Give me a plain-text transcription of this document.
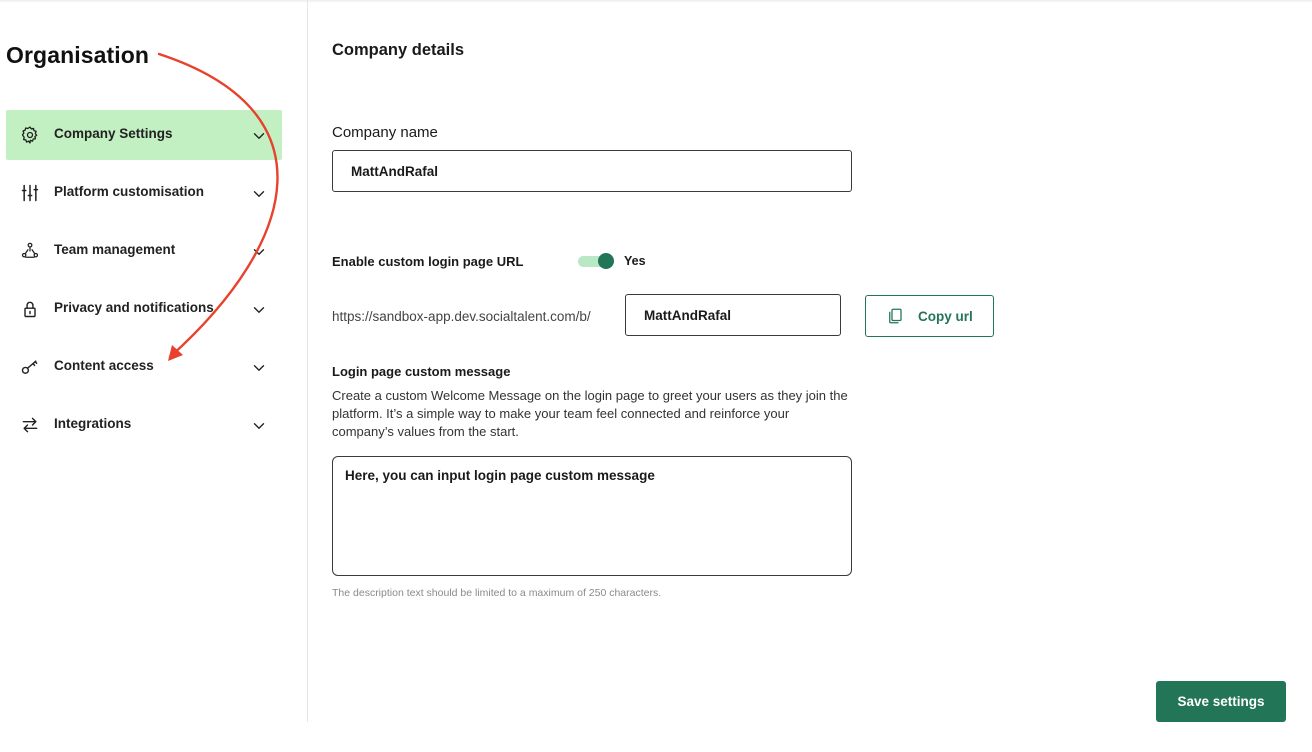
Organisation
Company Settings
Platform customisation
Team management
Privacy and notifications
Content access
Integrations
Company details
Company name
MattAndRafal
Enable custom login page URL	Yes
https://sandbox-app.dev.socialtalent.com/b/
MattAndRafal	Copy url
Login page custom message

Create a custom Welcome Message on the login page to greet your users as they join the platform. It’s a simple way to make your team feel connected and reinforce your company’s values from the start.

Here, you can input login page custom message
The description text should be limited to a maximum of 250 characters.
Save settings
